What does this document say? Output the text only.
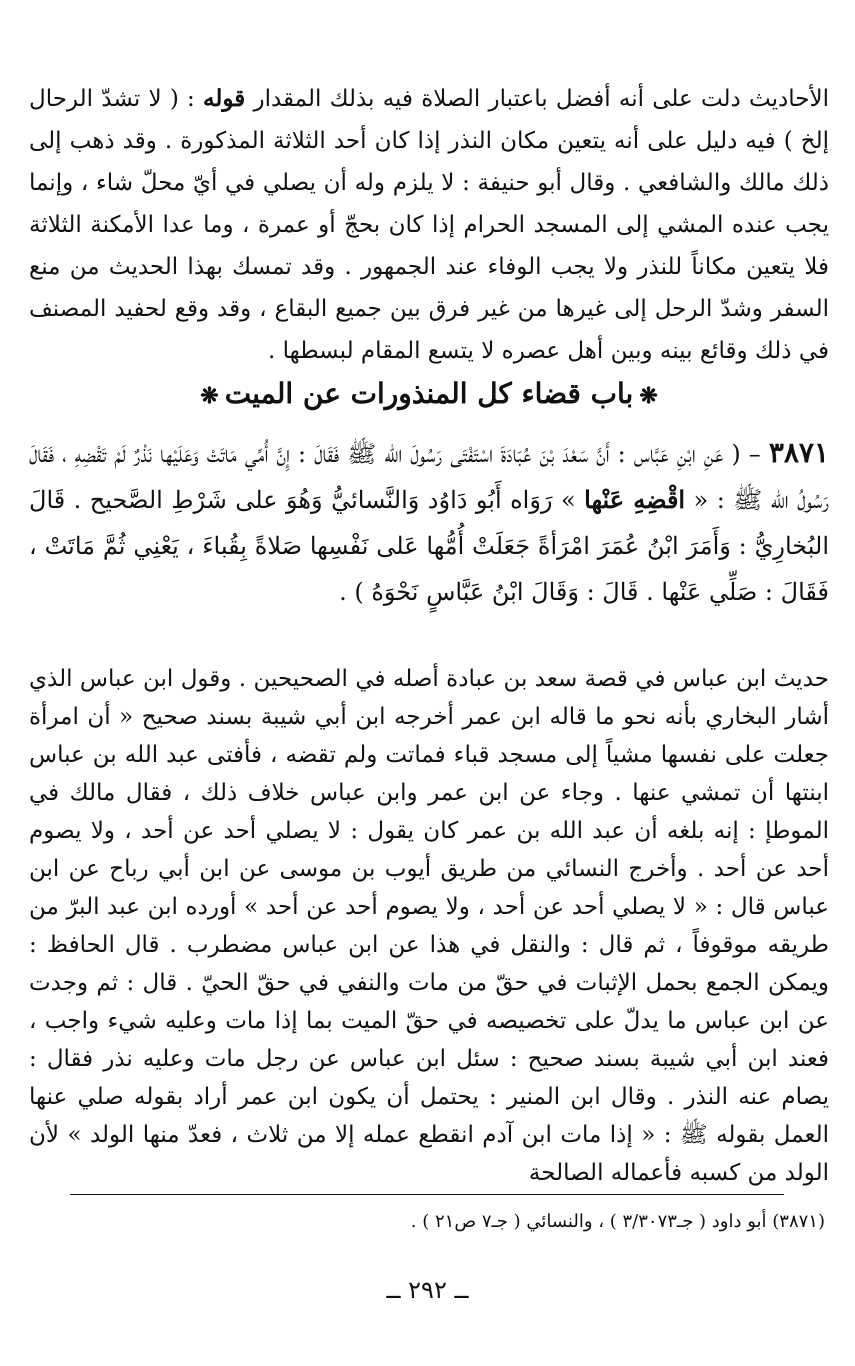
الأحاديث دلت على أنه أفضل باعتبار الصلاة فيه بذلك المقدار قوله : ( لا تشدّ الرحال إلخ ) فيه دليل على أنه يتعين مكان النذر إذا كان أحد الثلاثة المذكورة . وقد ذهب إلى ذلك مالك والشافعي . وقال أبو حنيفة : لا يلزم وله أن يصلي في أيّ محلّ شاء ، وإنما يجب عنده المشي إلى المسجد الحرام إذا كان بحجّ أو عمرة ، وما عدا الأمكنة الثلاثة فلا يتعين مكاناً للنذر ولا يجب الوفاء عند الجمهور . وقد تمسك بهذا الحديث من منع السفر وشدّ الرحل إلى غيرها من غير فرق بين جميع البقاع ، وقد وقع لحفيد المصنف في ذلك وقائع بينه وبين أهل عصره لا يتسع المقام لبسطها .

❋باب قضاء كل المنذورات عن الميت❋

٣٨٧١ – ( عَنِ ابْنِ عَبَّاس : أَنَّ سَعْدَ بْنَ عُبَادَةَ اسْتَفْتَى رَسُولَ الله ﷺ فَقَالَ : إِنَّ أُمِّي مَاتَتْ وَعَلَيْها نَذْرٌ لَمْ تَقْضِهِ ، فَقَالَ رَسُولُ الله ﷺ : « اقْضِهِ عَنْها » رَوَاه أَبُو دَاوُد وَالنَّسائيُّ وَهُوَ على شَرْطِ الصَّحيح . قَالَ البُخارِيُّ : وَأَمَرَ ابْنُ عُمَرَ امْرَأةً جَعَلَتْ أُمُّها عَلى نَفْسِها صَلاةً بِقُباءَ ، يَعْنِي ثُمَّ مَاتَتْ ، فَقَالَ : صَلِّي عَنْها . قَالَ : وَقَالَ ابْنُ عَبَّاسٍ نَحْوَهُ ) .

حديث ابن عباس في قصة سعد بن عبادة أصله في الصحيحين . وقول ابن عباس الذي أشار البخاري بأنه نحو ما قاله ابن عمر أخرجه ابن أبي شيبة بسند صحيح « أن امرأة جعلت على نفسها مشياً إلى مسجد قباء فماتت ولم تقضه ، فأفتى عبد الله بن عباس ابنتها أن تمشي عنها . وجاء عن ابن عمر وابن عباس خلاف ذلك ، فقال مالك في الموطإ : إنه بلغه أن عبد الله بن عمر كان يقول : لا يصلي أحد عن أحد ، ولا يصوم أحد عن أحد . وأخرج النسائي من طريق أيوب بن موسى عن ابن أبي رباح عن ابن عباس قال : « لا يصلي أحد عن أحد ، ولا يصوم أحد عن أحد » أورده ابن عبد البرّ من طريقه موقوفاً ، ثم قال : والنقل في هذا عن ابن عباس مضطرب . قال الحافظ : ويمكن الجمع بحمل الإثبات في حقّ من مات والنفي في حقّ الحيّ . قال : ثم وجدت عن ابن عباس ما يدلّ على تخصيصه في حقّ الميت بما إذا مات وعليه شيء واجب ، فعند ابن أبي شيبة بسند صحيح : سئل ابن عباس عن رجل مات وعليه نذر فقال : يصام عنه النذر . وقال ابن المنير : يحتمل أن يكون ابن عمر أراد بقوله صلي عنها العمل بقوله ﷺ : « إذا مات ابن آدم انقطع عمله إلا من ثلاث ، فعدّ منها الولد » لأن الولد من كسبه فأعماله الصالحة

(٣٨٧١) أبو داود ( جـ٣/٣٠٧٣ ) ، والنسائي ( جـ٧ ص٢١ ) .

ــ ٢٩٢ ــ
